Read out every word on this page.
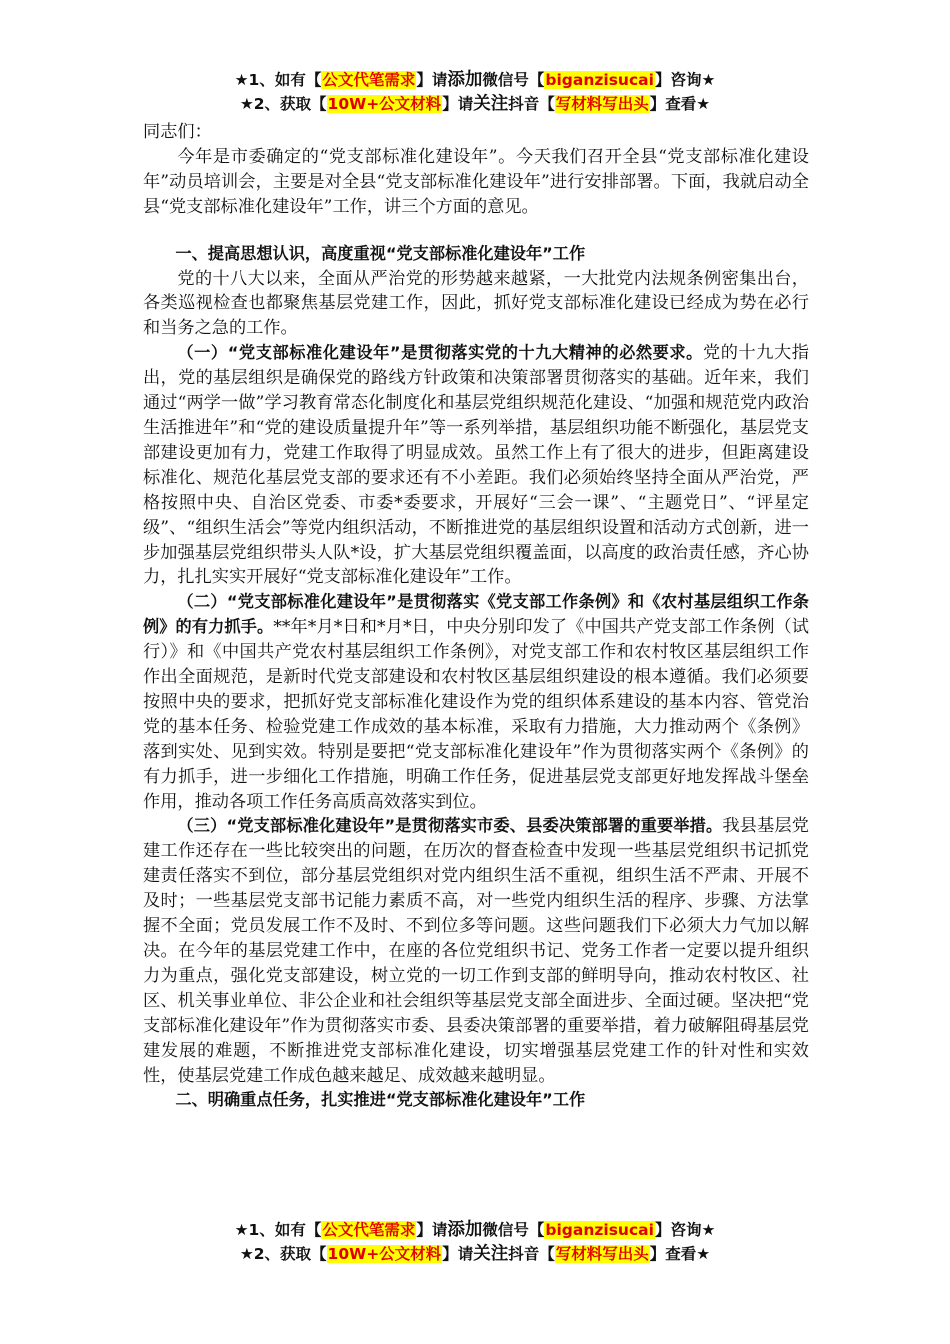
★1、如有【公文代笔需求】请添加微信号【biganzisucai】咨询★
★2、获取【10W+公文材料】请关注抖音【写材料写出头】查看★

同志们：

今年是市委确定的“党支部标准化建设年”。今天我们召开全县“党支部标准化建设年”动员培训会，主要是对全县“党支部标准化建设年”进行安排部署。下面，我就启动全县“党支部标准化建设年”工作，讲三个方面的意见。

一、提高思想认识，高度重视“党支部标准化建设年”工作

党的十八大以来，全面从严治党的形势越来越紧，一大批党内法规条例密集出台，各类巡视检查也都聚焦基层党建工作，因此，抓好党支部标准化建设已经成为势在必行和当务之急的工作。

（一）“党支部标准化建设年”是贯彻落实党的十九大精神的必然要求。党的十九大指出，党的基层组织是确保党的路线方针政策和决策部署贯彻落实的基础。近年来，我们通过“两学一做”学习教育常态化制度化和基层党组织规范化建设、“加强和规范党内政治生活推进年”和“党的建设质量提升年”等一系列举措，基层组织功能不断强化，基层党支部建设更加有力，党建工作取得了明显成效。虽然工作上有了很大的进步，但距离建设标准化、规范化基层党支部的要求还有不小差距。我们必须始终坚持全面从严治党，严格按照中央、自治区党委、市委*委要求，开展好“三会一课”、“主题党日”、“评星定级”、“组织生活会”等党内组织活动，不断推进党的基层组织设置和活动方式创新，进一步加强基层党组织带头人队*设，扩大基层党组织覆盖面，以高度的政治责任感，齐心协力，扎扎实实开展好“党支部标准化建设年”工作。

（二）“党支部标准化建设年”是贯彻落实《党支部工作条例》和《农村基层组织工作条例》的有力抓手。**年*月*日和*月*日，中央分别印发了《中国共产党支部工作条例（试行）》和《中国共产党农村基层组织工作条例》，对党支部工作和农村牧区基层组织工作作出全面规范，是新时代党支部建设和农村牧区基层组织建设的根本遵循。我们必须要按照中央的要求，把抓好党支部标准化建设作为党的组织体系建设的基本内容、管党治党的基本任务、检验党建工作成效的基本标准，采取有力措施，大力推动两个《条例》落到实处、见到实效。特别是要把“党支部标准化建设年”作为贯彻落实两个《条例》的有力抓手，进一步细化工作措施，明确工作任务，促进基层党支部更好地发挥战斗堡垒作用，推动各项工作任务高质高效落实到位。

（三）“党支部标准化建设年”是贯彻落实市委、县委决策部署的重要举措。我县基层党建工作还存在一些比较突出的问题，在历次的督查检查中发现一些基层党组织书记抓党建责任落实不到位，部分基层党组织对党内组织生活不重视，组织生活不严肃、开展不及时；一些基层党支部书记能力素质不高，对一些党内组织生活的程序、步骤、方法掌握不全面；党员发展工作不及时、不到位多等问题。这些问题我们下必须大力气加以解决。在今年的基层党建工作中，在座的各位党组织书记、党务工作者一定要以提升组织力为重点，强化党支部建设，树立党的一切工作到支部的鲜明导向，推动农村牧区、社区、机关事业单位、非公企业和社会组织等基层党支部全面进步、全面过硬。坚决把“党支部标准化建设年”作为贯彻落实市委、县委决策部署的重要举措，着力破解阻碍基层党建发展的难题，不断推进党支部标准化建设，切实增强基层党建工作的针对性和实效性，使基层党建工作成色越来越足、成效越来越明显。

二、明确重点任务，扎实推进“党支部标准化建设年”工作

★1、如有【公文代笔需求】请添加微信号【biganzisucai】咨询★
★2、获取【10W+公文材料】请关注抖音【写材料写出头】查看★
